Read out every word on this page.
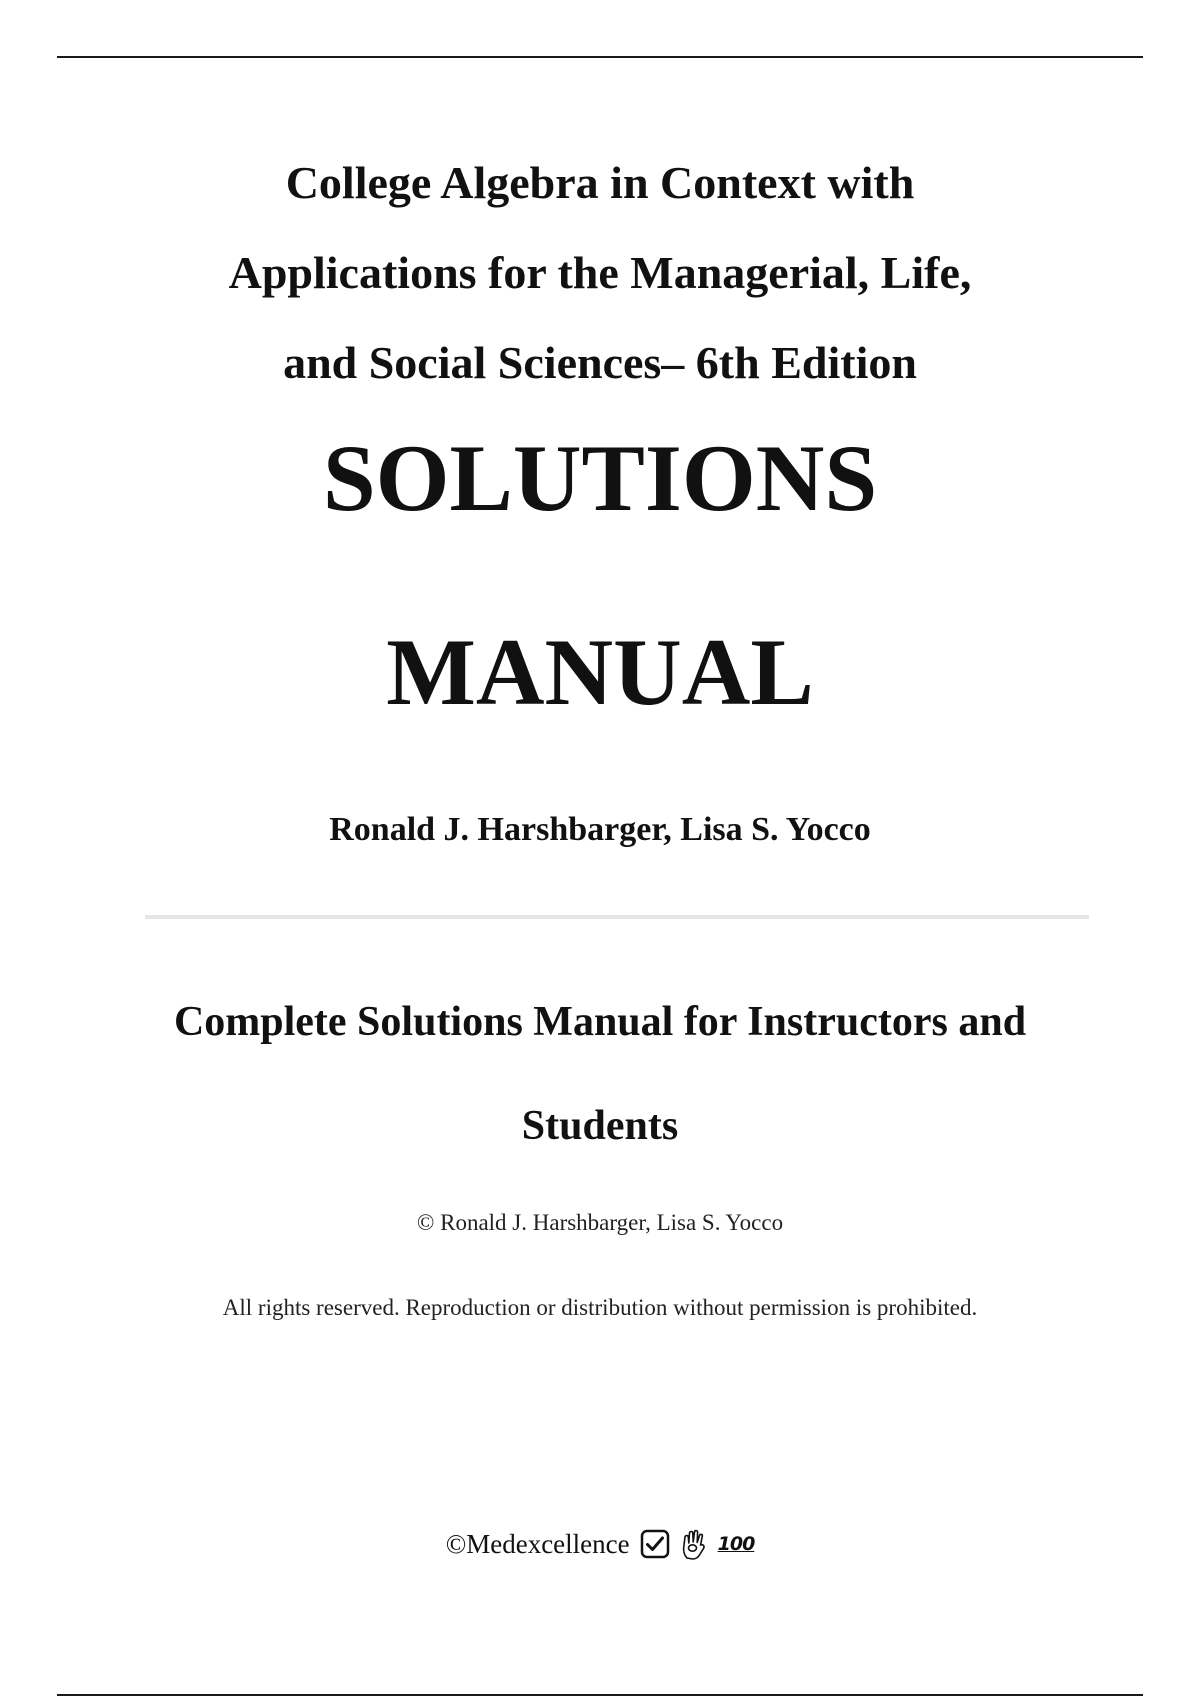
College Algebra in Context with
Applications for the Managerial, Life,
and Social Sciences– 6th Edition
SOLUTIONS
MANUAL
Ronald J. Harshbarger, Lisa S. Yocco
Complete Solutions Manual for Instructors and
Students
© Ronald J. Harshbarger, Lisa S. Yocco
All rights reserved. Reproduction or distribution without permission is prohibited.
©Medexcellence	100
